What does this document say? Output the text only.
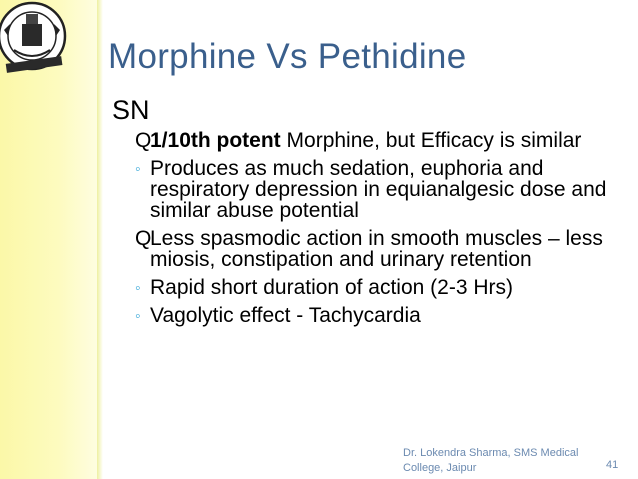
Morphine Vs Pethidine
SN
Q
1/10th potent Morphine, but Efficacy is similar
◦ Produces as much sedation, euphoria and respiratory depression in equianalgesic dose and similar abuse potential
Q
Less spasmodic action in smooth muscles – less miosis, constipation and urinary retention
◦ Rapid short duration of action (2-3 Hrs)
◦ Vagolytic effect - Tachycardia
Dr. Lokendra Sharma, SMS Medical College, Jaipur	41
